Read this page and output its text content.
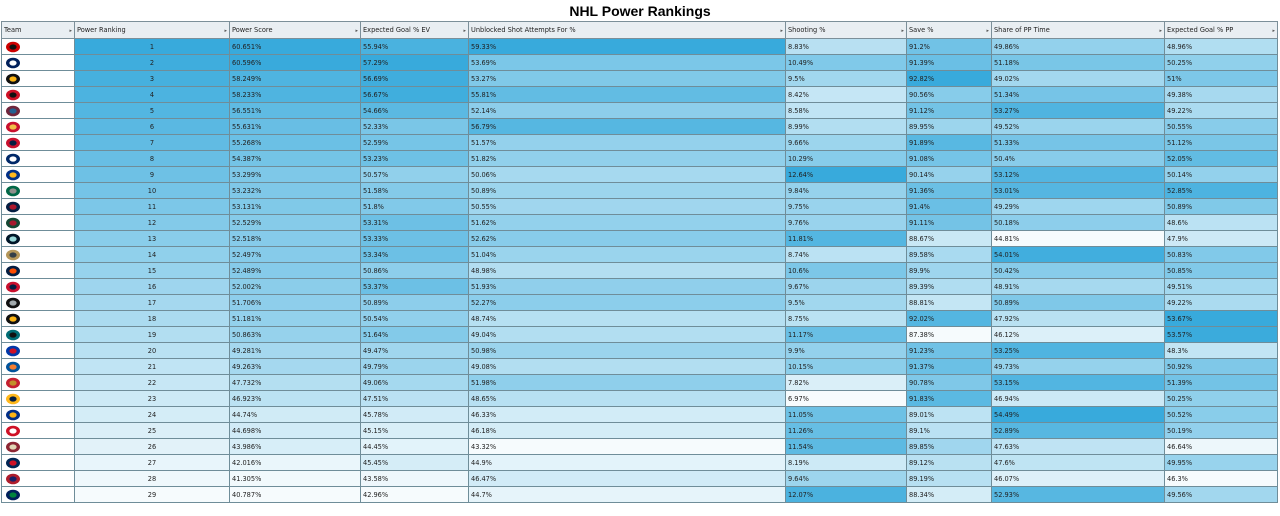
NHL Power Rankings
Team ▸	Power Ranking ▸	Power Score ▸	Expected Goal % EV ▸	Unblocked Shot Attempts For % ▸	Shooting % ▸	Save % ▸	Share of PP Time ▸	Expected Goal % PP ▸

	1	60.651%	55.94%	59.33%	8.83%	91.2%	49.86%	48.96%

	2	60.596%	57.29%	53.69%	10.49%	91.39%	51.18%	50.25%

	3	58.249%	56.69%	53.27%	9.5%	92.82%	49.02%	51%

	4	58.233%	56.67%	55.81%	8.42%	90.56%	51.34%	49.38%

	5	56.551%	54.66%	52.14%	8.58%	91.12%	53.27%	49.22%

	6	55.631%	52.33%	56.79%	8.99%	89.95%	49.52%	50.55%

	7	55.268%	52.59%	51.57%	9.66%	91.89%	51.33%	51.12%

	8	54.387%	53.23%	51.82%	10.29%	91.08%	50.4%	52.05%

	9	53.299%	50.57%	50.06%	12.64%	90.14%	53.12%	50.14%

	10	53.232%	51.58%	50.89%	9.84%	91.36%	53.01%	52.85%

	11	53.131%	51.8%	50.55%	9.75%	91.4%	49.29%	50.89%

	12	52.529%	53.31%	51.62%	9.76%	91.11%	50.18%	48.6%

	13	52.518%	53.33%	52.62%	11.81%	88.67%	44.81%	47.9%

	14	52.497%	53.34%	51.04%	8.74%	89.58%	54.01%	50.83%

	15	52.489%	50.86%	48.98%	10.6%	89.9%	50.42%	50.85%

	16	52.002%	53.37%	51.93%	9.67%	89.39%	48.91%	49.51%

	17	51.706%	50.89%	52.27%	9.5%	88.81%	50.89%	49.22%

	18	51.181%	50.54%	48.74%	8.75%	92.02%	47.92%	53.67%

	19	50.863%	51.64%	49.04%	11.17%	87.38%	46.12%	53.57%

	20	49.281%	49.47%	50.98%	9.9%	91.23%	53.25%	48.3%

	21	49.263%	49.79%	49.08%	10.15%	91.37%	49.73%	50.92%

	22	47.732%	49.06%	51.98%	7.82%	90.78%	53.15%	51.39%

	23	46.923%	47.51%	48.65%	6.97%	91.83%	46.94%	50.25%

	24	44.74%	45.78%	46.33%	11.05%	89.01%	54.49%	50.52%

	25	44.698%	45.15%	46.18%	11.26%	89.1%	52.89%	50.19%

	26	43.986%	44.45%	43.32%	11.54%	89.85%	47.63%	46.64%

	27	42.016%	45.45%	44.9%	8.19%	89.12%	47.6%	49.95%

	28	41.305%	43.58%	46.47%	9.64%	89.19%	46.07%	46.3%

	29	40.787%	42.96%	44.7%	12.07%	88.34%	52.93%	49.56%
